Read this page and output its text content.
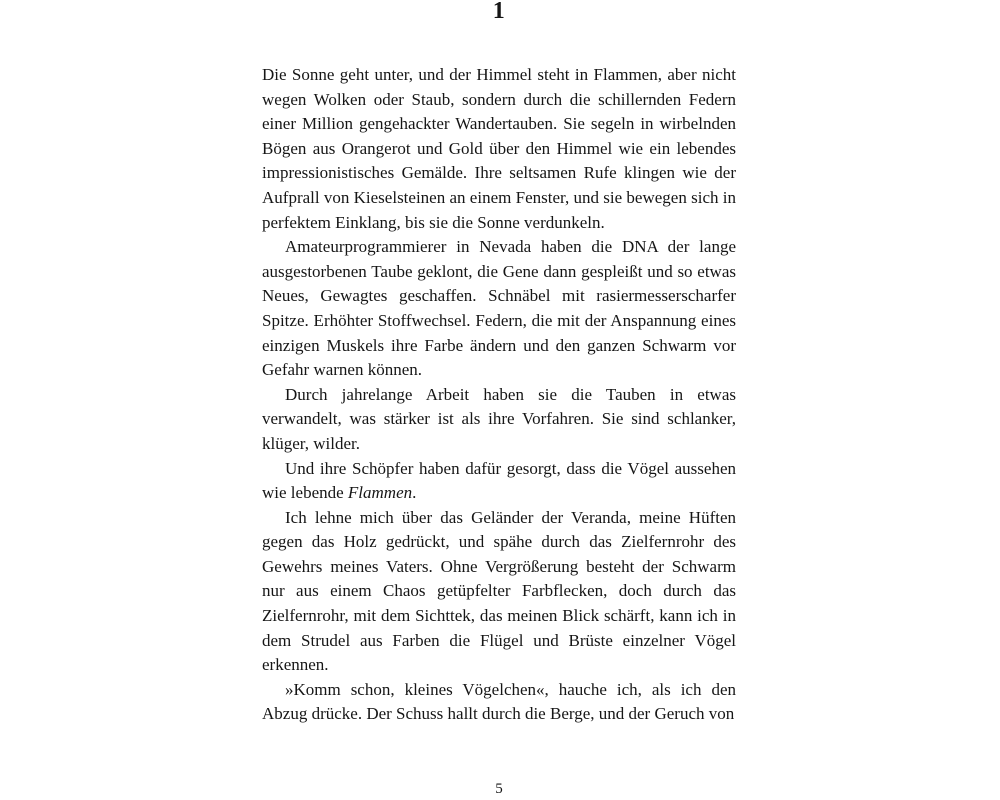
1

Die Sonne geht unter, und der Himmel steht in Flammen, aber nicht wegen Wolken oder Staub, sondern durch die schillernden Federn einer Million gengehackter Wandertauben. Sie segeln in wirbelnden Bögen aus Orangerot und Gold über den Himmel wie ein lebendes impressionistisches Gemälde. Ihre seltsamen Rufe klingen wie der Aufprall von Kieselsteinen an einem Fenster, und sie bewegen sich in perfektem Einklang, bis sie die Sonne verdunkeln.

Amateurprogrammierer in Nevada haben die DNA der lange ausgestorbenen Taube geklont, die Gene dann gespleißt und so etwas Neues, Gewagtes geschaffen. Schnäbel mit rasiermesserscharfer Spitze. Erhöhter Stoffwechsel. Federn, die mit der Anspannung eines einzigen Muskels ihre Farbe ändern und den ganzen Schwarm vor Gefahr warnen können.

Durch jahrelange Arbeit haben sie die Tauben in etwas verwandelt, was stärker ist als ihre Vorfahren. Sie sind schlanker, klüger, wilder.

Und ihre Schöpfer haben dafür gesorgt, dass die Vögel aussehen wie lebende Flammen.

Ich lehne mich über das Geländer der Veranda, meine Hüften gegen das Holz gedrückt, und spähe durch das Zielfernrohr des Gewehrs meines Vaters. Ohne Vergrößerung besteht der Schwarm nur aus einem Chaos getüpfelter Farbflecken, doch durch das Zielfernrohr, mit dem Sichttek, das meinen Blick schärft, kann ich in dem Strudel aus Farben die Flügel und Brüste einzelner Vögel erkennen.

»Komm schon, kleines Vögelchen«, hauche ich, als ich den Abzug drücke. Der Schuss hallt durch die Berge, und der Geruch von

5
